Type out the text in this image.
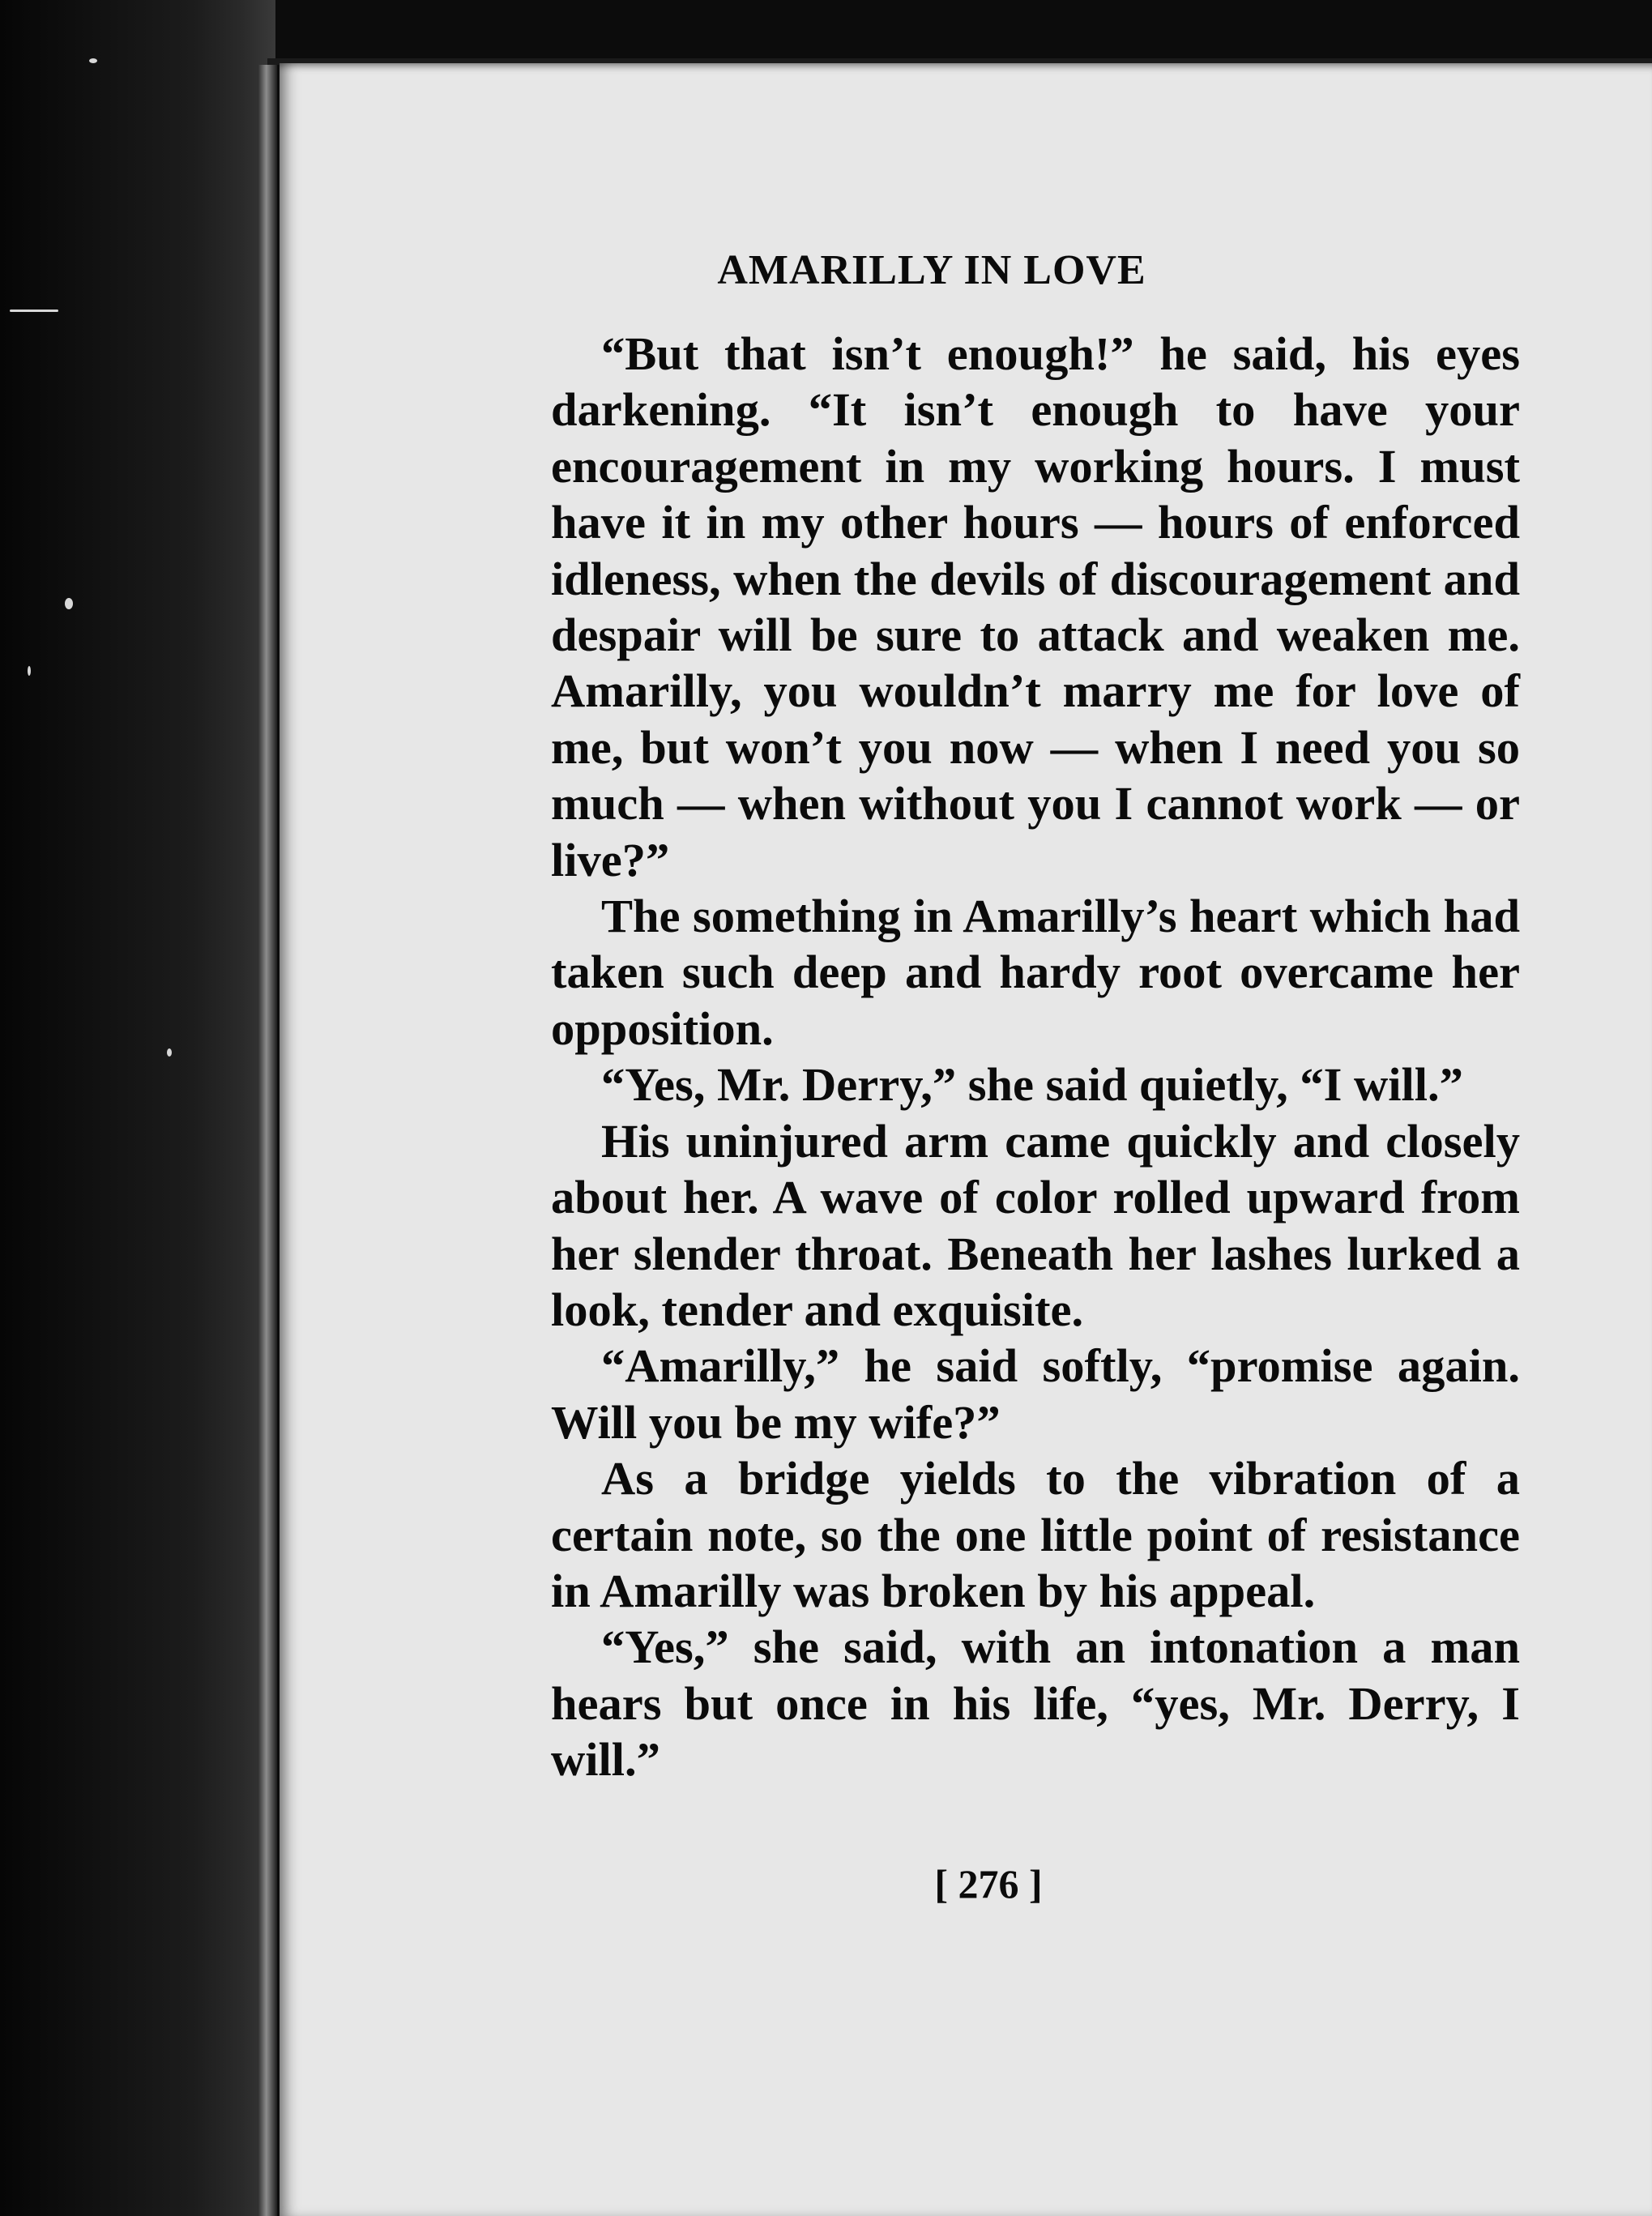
AMARILLY IN LOVE

“But that isn’t enough!” he said, his eyes darkening. “It isn’t enough to have your encouragement in my working hours. I must have it in my other hours — hours of enforced idleness, when the devils of discouragement and despair will be sure to attack and weaken me. Amarilly, you wouldn’t marry me for love of me, but won’t you now — when I need you so much — when without you I cannot work — or live?”

The something in Amarilly’s heart which had taken such deep and hardy root overcame her opposition.

“Yes, Mr. Derry,” she said quietly, “I will.”

His uninjured arm came quickly and closely about her. A wave of color rolled upward from her slender throat. Beneath her lashes lurked a look, tender and exquisite.

“Amarilly,” he said softly, “promise again. Will you be my wife?”

As a bridge yields to the vibration of a certain note, so the one little point of resistance in Amarilly was broken by his appeal.

“Yes,” she said, with an intonation a man hears but once in his life, “yes, Mr. Derry, I will.”

[ 276 ]
